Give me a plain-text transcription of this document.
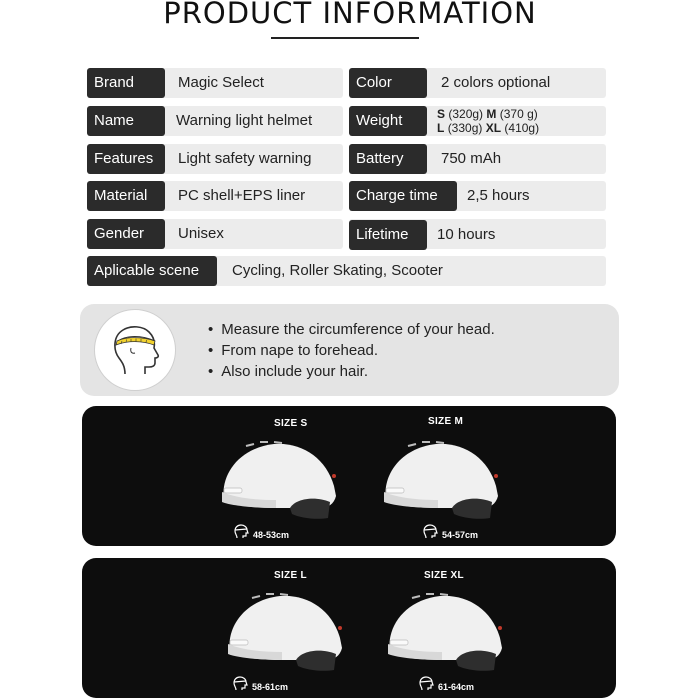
PRODUCT INFORMATION
Brand	Magic Select	Color	2 colors optional
Name	Warning light helmet	Weight	S (320g) M (370 g)
L (330g) XL (410g)
Features	Light safety warning	Battery	750 mAh
Material	PC shell+EPS liner	Charge time	2,5 hours
Gender	Unisex	Lifetime	10 hours
Aplicable scene	Cycling, Roller Skating, Scooter
• Measure the circumference of your head.
• From nape to forehead.
• Also include your hair.
SIZE S	SIZE M
48-53cm	54-57cm
SIZE L	SIZE XL
58-61cm	61-64cm
